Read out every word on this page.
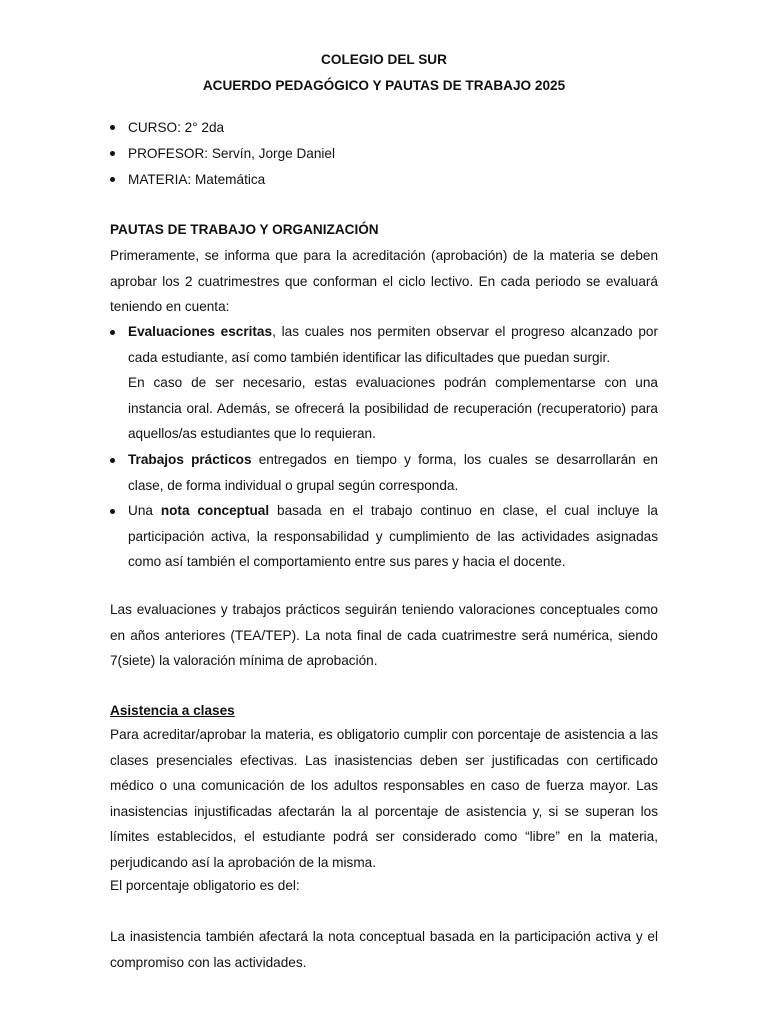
COLEGIO DEL SUR
ACUERDO PEDAGÓGICO Y PAUTAS DE TRABAJO 2025
CURSO: 2° 2da
PROFESOR: Servín, Jorge Daniel
MATERIA: Matemática
PAUTAS DE TRABAJO Y ORGANIZACIÓN

Primeramente, se informa que para la acreditación (aprobación) de la materia se deben aprobar los 2 cuatrimestres que conforman el ciclo lectivo. En cada periodo se evaluará teniendo en cuenta:

Evaluaciones escritas, las cuales nos permiten observar el progreso alcanzado por cada estudiante, así como también identificar las dificultades que puedan surgir.
En caso de ser necesario, estas evaluaciones podrán complementarse con una instancia oral. Además, se ofrecerá la posibilidad de recuperación (recuperatorio) para aquellos/as estudiantes que lo requieran.
Trabajos prácticos entregados en tiempo y forma, los cuales se desarrollarán en clase, de forma individual o grupal según corresponda.
Una nota conceptual basada en el trabajo continuo en clase, el cual incluye la participación activa, la responsabilidad y cumplimiento de las actividades asignadas como así también el comportamiento entre sus pares y hacia el docente.

Las evaluaciones y trabajos prácticos seguirán teniendo valoraciones conceptuales como en años anteriores (TEA/TEP). La nota final de cada cuatrimestre será numérica, siendo 7(siete) la valoración mínima de aprobación.

Asistencia a clases

Para acreditar/aprobar la materia, es obligatorio cumplir con porcentaje de asistencia a las clases presenciales efectivas. Las inasistencias deben ser justificadas con certificado médico o una comunicación de los adultos responsables en caso de fuerza mayor. Las inasistencias injustificadas afectarán la al porcentaje de asistencia y, si se superan los límites establecidos, el estudiante podrá ser considerado como “libre” en la materia, perjudicando así la aprobación de la misma.

El porcentaje obligatorio es del:

La inasistencia también afectará la nota conceptual basada en la participación activa y el compromiso con las actividades.
